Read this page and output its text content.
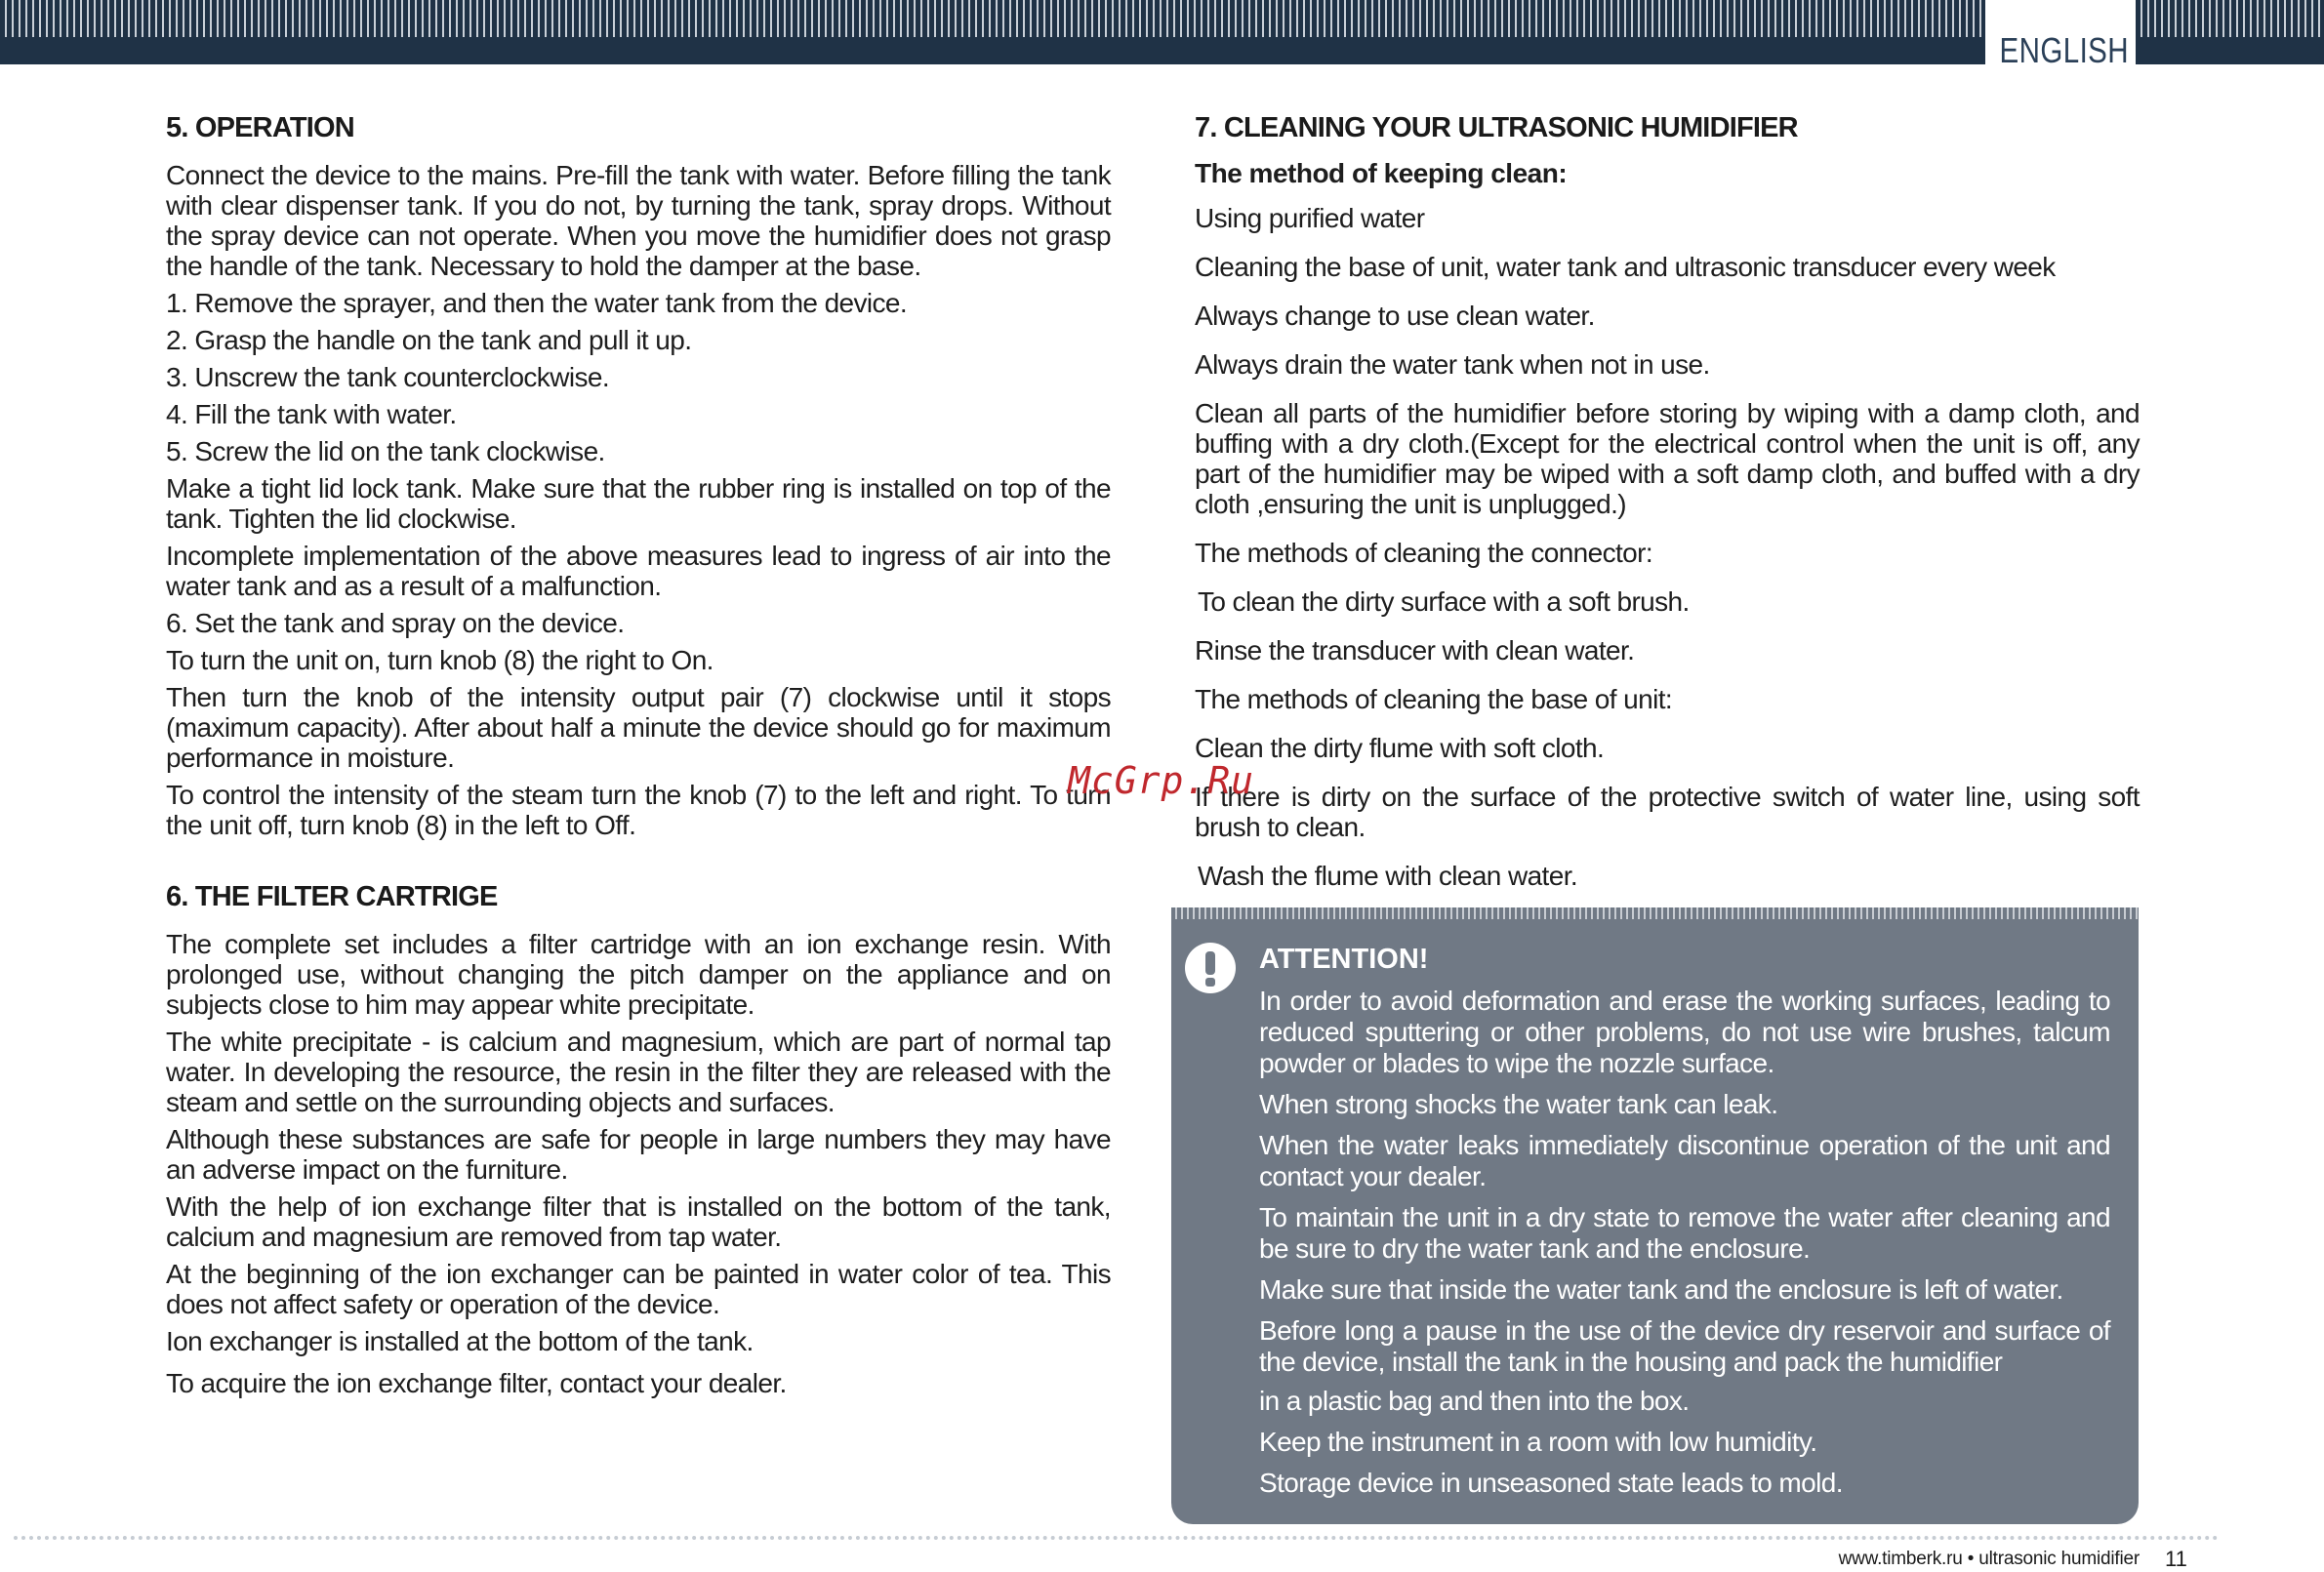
ENGLISH
5. OPERATION

Connect the device to the mains. Pre-fill the tank with water. Before filling the tank with clear dispenser tank. If you do not, by turning the tank, spray drops. Without the spray device can not operate. When you move the humidifier does not grasp the handle of the tank. Necessary to hold the damper at the base.

1. Remove the sprayer, and then the water tank from the device.

2. Grasp the handle on the tank and pull it up.

3. Unscrew the tank counterclockwise.

4. Fill the tank with water.

5. Screw the lid on the tank clockwise.

Make a tight lid lock tank. Make sure that the rubber ring is installed on top of the tank. Tighten the lid clockwise.

Incomplete implementation of the above measures lead to ingress of air into the water tank and as a result of a malfunction.

6. Set the tank and spray on the device.

To turn the unit on, turn knob (8) the right to On.

Then turn the knob of the intensity output pair (7) clockwise until it stops (maximum capacity). After about half a minute the device should go for maximum performance in moisture.

To control the intensity of the steam turn the knob (7) to the left and right. To turn the unit off, turn knob (8) in the left to Off.

6. THE FILTER CARTRIGE

The complete set includes a filter cartridge with an ion exchange resin. With prolonged use, without changing the pitch damper on the appliance and on subjects close to him may appear white precipitate.

The white precipitate - is calcium and magnesium, which are part of normal tap water. In developing the resource, the resin in the filter they are released with the steam and settle on the surrounding objects and surfaces.

Although these substances are safe for people in large numbers they may have an adverse impact on the furniture.

With the help of ion exchange filter that is installed on the bottom of the tank, calcium and magnesium are removed from tap water.

At the beginning of the ion exchanger can be painted in water color of tea. This does not affect safety or operation of the device.

Ion exchanger is installed at the bottom of the tank.

To acquire the ion exchange filter, contact your dealer.

7. CLEANING YOUR ULTRASONIC HUMIDIFIER
The method of keeping clean:

Using purified water

Cleaning the base of unit, water tank and ultrasonic transducer every week

Always change to use clean water.

Always drain the water tank when not in use.

Clean all parts of the humidifier before storing by wiping with a damp cloth, and buffing with a dry cloth.(Except for the electrical control when the unit is off, any part of the humidifier may be wiped with a soft damp cloth, and buffed with a dry cloth ,ensuring the unit is unplugged.)

The methods of cleaning the connector:

To clean the dirty surface with a soft brush.

Rinse the transducer with clean water.

The methods of cleaning the base of unit:

Clean the dirty flume with soft cloth.

If there is dirty on the surface of the protective switch of water line, using soft brush to clean.

Wash the flume with clean water.

ATTENTION!

In order to avoid deformation and erase the working surfaces, leading to reduced sputtering or other problems, do not use wire brushes, talcum powder or blades to wipe the nozzle surface.

When strong shocks the water tank can leak.

When the water leaks immediately discontinue operation of the unit and contact your dealer.

To maintain the unit in a dry state to remove the water after cleaning and be sure to dry the water tank and the enclosure.

Make sure that inside the water tank and the enclosure is left of water.

Before long a pause in the use of the device dry reservoir and surface of the device, install the tank in the housing and pack the humidifier

in a plastic bag and then into the box.

Keep the instrument in a room with low humidity.

Storage device in unseasoned state leads to mold.

McGrp.Ru
www.timberk.ru • ultrasonic humidifier 11
